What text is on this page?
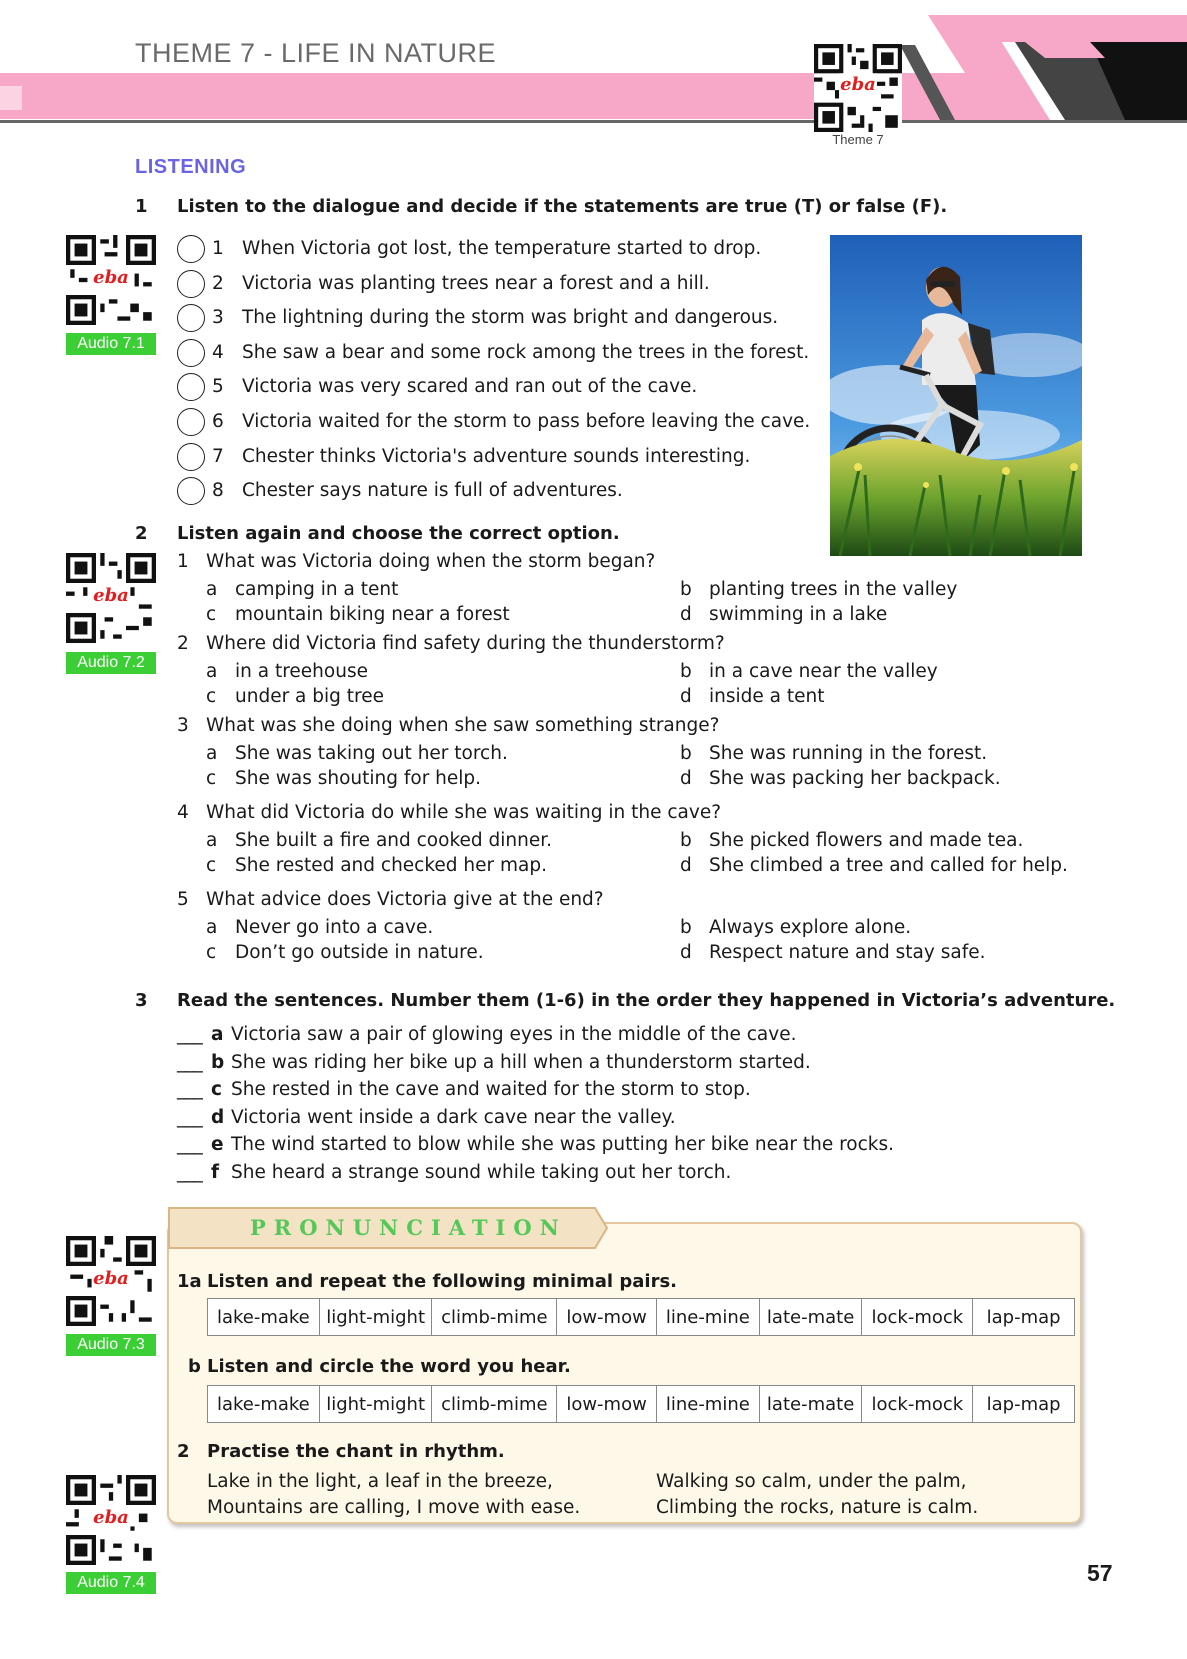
THEME 7 - LIFE IN NATURE
eba
Theme 7
LISTENING
1 Listen to the dialogue and decide if the statements are true (T) or false (F).
eba
Audio 7.1
1 When Victoria got lost, the temperature started to drop.
2 Victoria was planting trees near a forest and a hill.
3 The lightning during the storm was bright and dangerous.
4 She saw a bear and some rock among the trees in the forest.
5 Victoria was very scared and ran out of the cave.
6 Victoria waited for the storm to pass before leaving the cave.
7 Chester thinks Victoria's adventure sounds interesting.
8 Chester says nature is full of adventures.
2 Listen again and choose the correct option.
eba
Audio 7.2
1 What was Victoria doing when the storm began?
a camping in a tent	b planting trees in the valley
c mountain biking near a forest	d swimming in a lake
2 Where did Victoria find safety during the thunderstorm?
a in a treehouse	b in a cave near the valley
c under a big tree	d inside a tent
3 What was she doing when she saw something strange?
a She was taking out her torch.	b She was running in the forest.
c She was shouting for help.	d She was packing her backpack.
4 What did Victoria do while she was waiting in the cave?
a She built a fire and cooked dinner.	b She picked flowers and made tea.
c She rested and checked her map.	d She climbed a tree and called for help.
5 What advice does Victoria give at the end?
a Never go into a cave.	b Always explore alone.
c Don’t go outside in nature.	d Respect nature and stay safe.
3 Read the sentences. Number them (1-6) in the order they happened in Victoria’s adventure.
___ a Victoria saw a pair of glowing eyes in the middle of the cave.
___ b She was riding her bike up a hill when a thunderstorm started.
___ c She rested in the cave and waited for the storm to stop.
___ d Victoria went inside a dark cave near the valley.
___ e The wind started to blow while she was putting her bike near the rocks.
___ f She heard a strange sound while taking out her torch.
PRONUNCIATION
eba
Audio 7.3
1a Listen and repeat the following minimal pairs.
lake-make light-might climb-mime	low-mow	line-mine late-mate lock-mock	lap-map
b Listen and circle the word you hear.
lake-make light-might climb-mime	low-mow	line-mine late-mate lock-mock	lap-map
2 Practise the chant in rhythm.
Lake in the light, a leaf in the breeze,
Mountains are calling, I move with ease.
Walking so calm, under the palm,
Climbing the rocks, nature is calm.
eba
Audio 7.4	57
